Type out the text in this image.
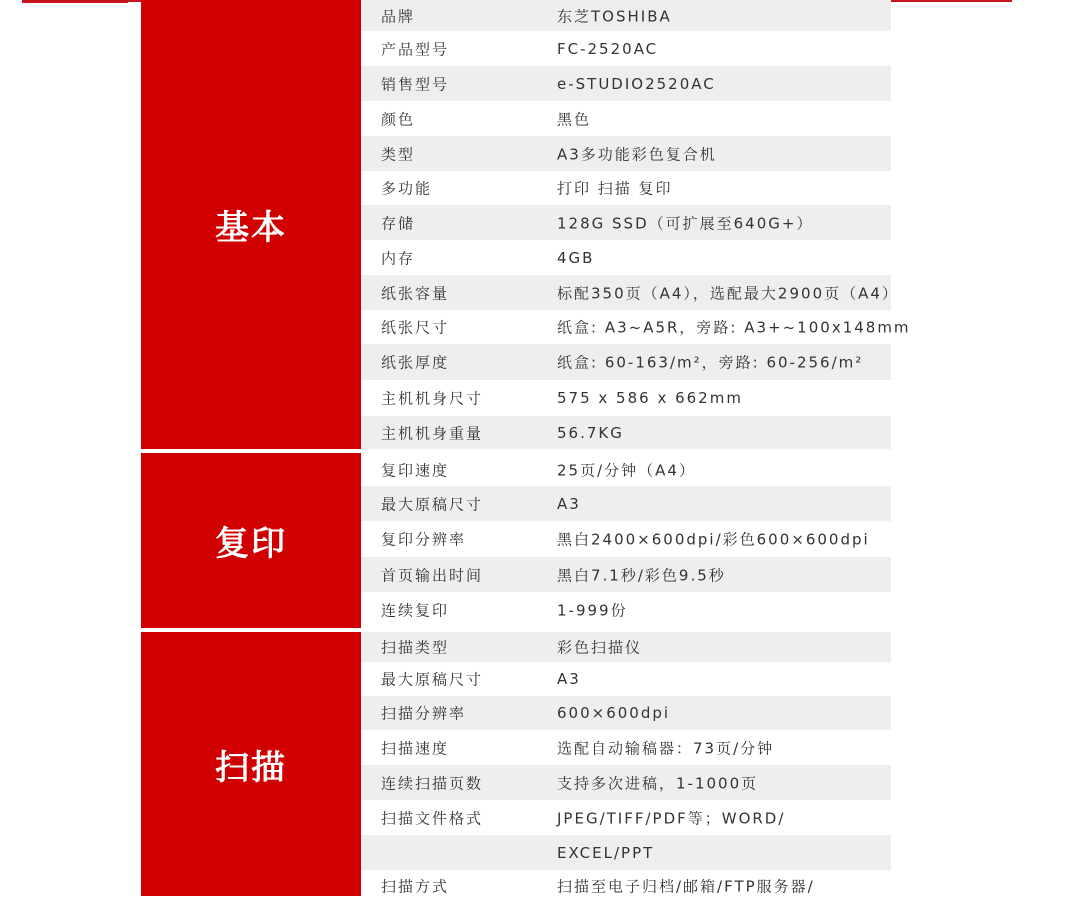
基本
品牌	东芝TOSHIBA
产品型号	FC-2520AC
销售型号	e-STUDIO2520AC
颜色	黑色
类型	A3多功能彩色复合机
多功能	打印 扫描 复印
存储	128G SSD（可扩展至640G+）
内存	4GB
纸张容量	标配350页（A4），选配最大2900页（A4）
纸张尺寸	纸盒: A3~A5R，旁路: A3+~100x148mm
纸张厚度	纸盒: 60-163/m²，旁路: 60-256/m²
主机机身尺寸	575 x 586 x 662mm
主机机身重量	56.7KG
复印
复印速度	25页/分钟（A4）
最大原稿尺寸	A3
复印分辨率	黑白2400×600dpi/彩色600×600dpi
首页输出时间	黑白7.1秒/彩色9.5秒
连续复印	1-999份
扫描
扫描类型	彩色扫描仪
最大原稿尺寸	A3
扫描分辨率	600×600dpi
扫描速度	选配自动输稿器：73页/分钟
连续扫描页数	支持多次进稿，1-1000页
扫描文件格式	JPEG/TIFF/PDF等；WORD/
EXCEL/PPT
扫描方式	扫描至电子归档/邮箱/FTP服务器/
